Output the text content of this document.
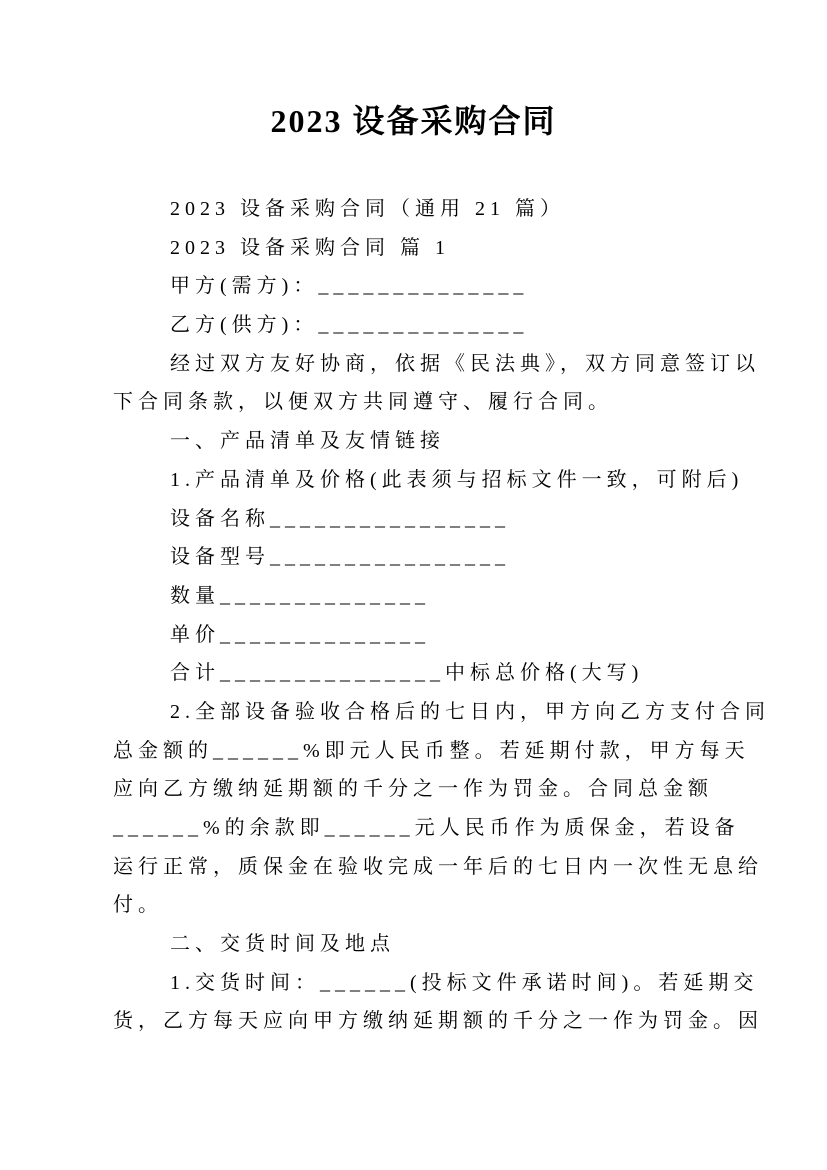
2023 设备采购合同
2023 设备采购合同（通用 21 篇）
2023 设备采购合同 篇 1
甲方(需方)：______________
乙方(供方)：______________
经过双方友好协商，依据《民法典》，双方同意签订以
下合同条款，以便双方共同遵守、履行合同。
一、产品清单及友情链接
1.产品清单及价格(此表须与招标文件一致，可附后)
设备名称________________
设备型号________________
数量______________
单价______________
合计_______________中标总价格(大写)
2.全部设备验收合格后的七日内，甲方向乙方支付合同
总金额的______%即元人民币整。若延期付款，甲方每天
应向乙方缴纳延期额的千分之一作为罚金。合同总金额
______%的余款即______元人民币作为质保金，若设备
运行正常，质保金在验收完成一年后的七日内一次性无息给
付。
二、交货时间及地点
1.交货时间：______(投标文件承诺时间)。若延期交
货，乙方每天应向甲方缴纳延期额的千分之一作为罚金。因
